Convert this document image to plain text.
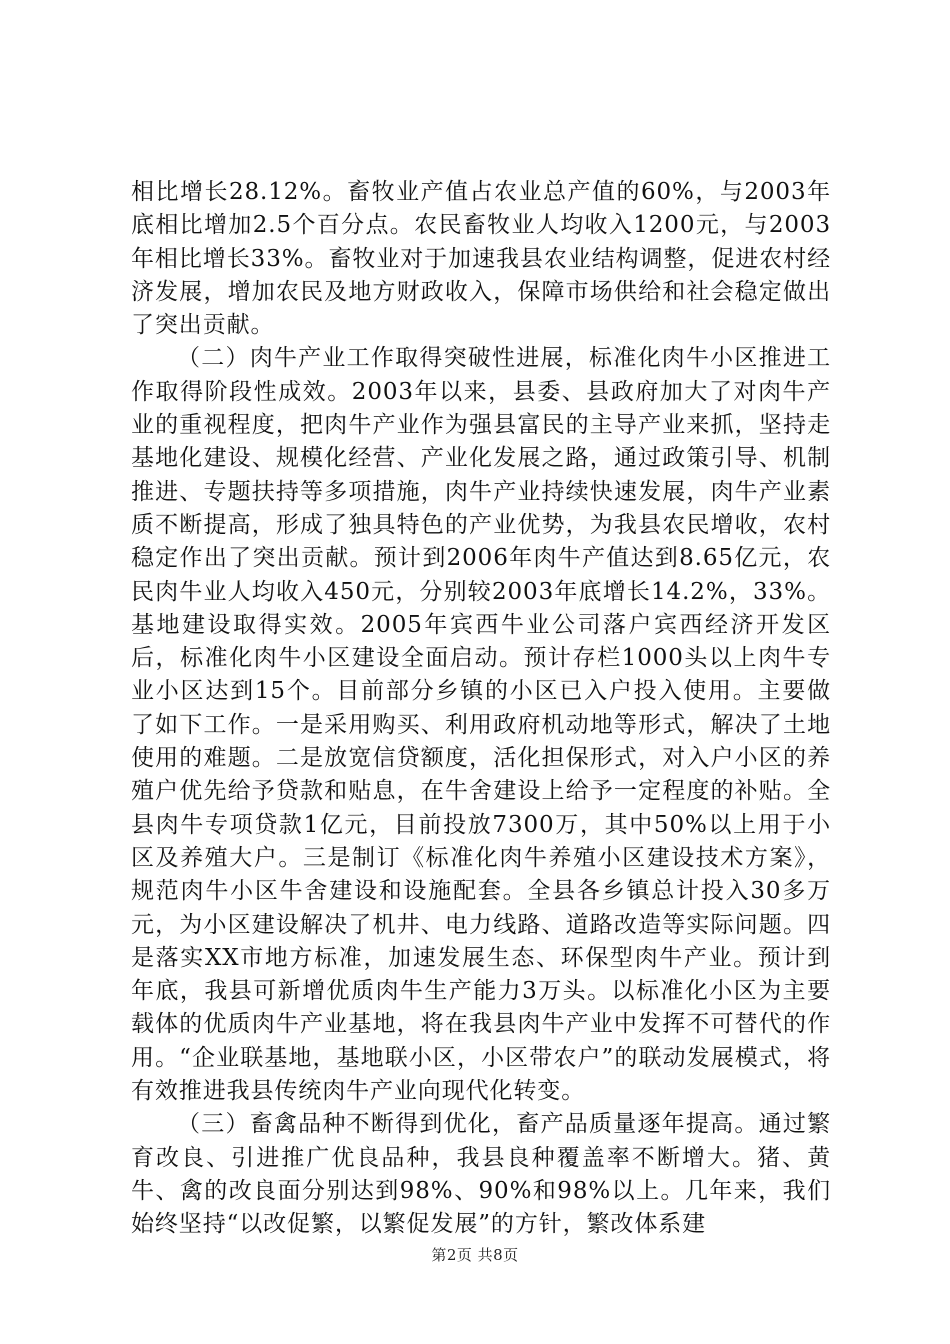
相比增长28.12%。畜牧业产值占农业总产值的60%，与2003年底相比增加2.5个百分点。农民畜牧业人均收入1200元，与2003年相比增长33%。畜牧业对于加速我县农业结构调整，促进农村经济发展，增加农民及地方财政收入，保障市场供给和社会稳定做出了突出贡献。

（二）肉牛产业工作取得突破性进展，标准化肉牛小区推进工作取得阶段性成效。2003年以来，县委、县政府加大了对肉牛产业的重视程度，把肉牛产业作为强县富民的主导产业来抓，坚持走基地化建设、规模化经营、产业化发展之路，通过政策引导、机制推进、专题扶持等多项措施，肉牛产业持续快速发展，肉牛产业素质不断提高，形成了独具特色的产业优势，为我县农民增收，农村稳定作出了突出贡献。预计到2006年肉牛产值达到8.65亿元，农民肉牛业人均收入450元，分别较2003年底增长14.2%，33%。基地建设取得实效。2005年宾西牛业公司落户宾西经济开发区后，标准化肉牛小区建设全面启动。预计存栏1000头以上肉牛专业小区达到15个。目前部分乡镇的小区已入户投入使用。主要做了如下工作。一是采用购买、利用政府机动地等形式，解决了土地使用的难题。二是放宽信贷额度，活化担保形式，对入户小区的养殖户优先给予贷款和贴息，在牛舍建设上给予一定程度的补贴。全县肉牛专项贷款1亿元，目前投放7300万，其中50%以上用于小区及养殖大户。三是制订《标准化肉牛养殖小区建设技术方案》，规范肉牛小区牛舍建设和设施配套。全县各乡镇总计投入30多万元，为小区建设解决了机井、电力线路、道路改造等实际问题。四是落实XX市地方标准，加速发展生态、环保型肉牛产业。预计到年底，我县可新增优质肉牛生产能力3万头。以标准化小区为主要载体的优质肉牛产业基地，将在我县肉牛产业中发挥不可替代的作用。“企业联基地，基地联小区，小区带农户”的联动发展模式，将有效推进我县传统肉牛产业向现代化转变。

（三）畜禽品种不断得到优化，畜产品质量逐年提高。通过繁育改良、引进推广优良品种，我县良种覆盖率不断增大。猪、黄牛、禽的改良面分别达到98%、90%和98%以上。几年来，我们始终坚持“以改促繁，以繁促发展”的方针，繁改体系建

第2页 共8页
